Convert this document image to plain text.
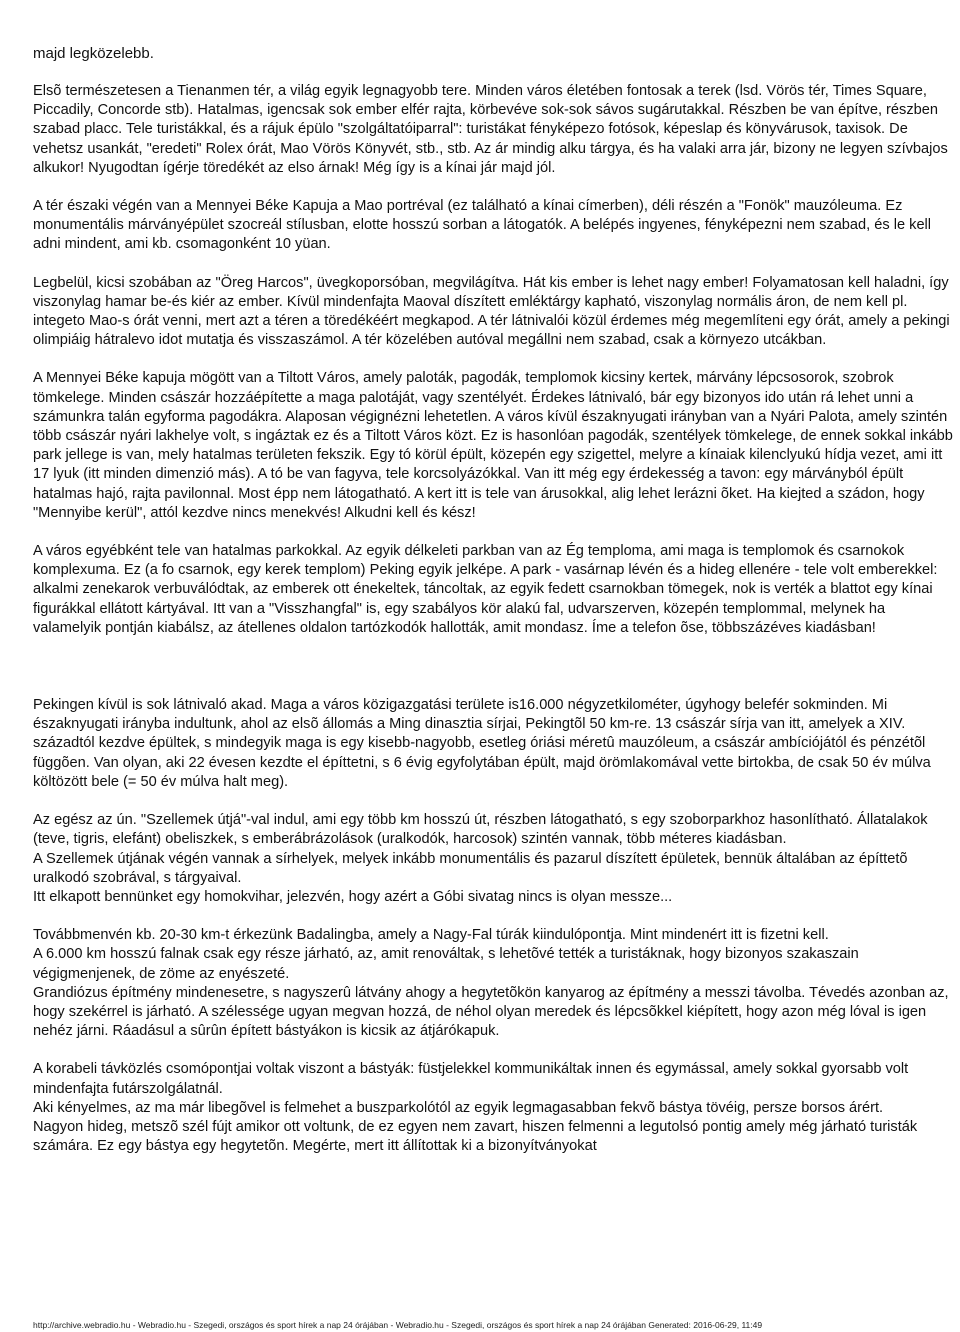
majd legközelebb.

Elsõ természetesen a Tienanmen tér, a világ egyik legnagyobb tere. Minden város életében fontosak a terek (lsd. Vörös tér, Times Square, Piccadily, Concorde stb). Hatalmas, igencsak sok ember elfér rajta, körbevéve sok-sok sávos sugárutakkal. Részben be van építve, részben szabad placc. Tele turistákkal, és a rájuk épülo "szolgáltatóiparral": turistákat fényképezo fotósok, képeslap és könyvárusok, taxisok. De vehetsz usankát, "eredeti" Rolex órát, Mao Vörös Könyvét, stb., stb. Az ár mindig alku tárgya, és ha valaki arra jár, bizony ne legyen szívbajos alkukor! Nyugodtan ígérje töredékét az elso árnak! Még így is a kínai jár majd jól.

A tér északi végén van a Mennyei Béke Kapuja a Mao portréval (ez található a kínai címerben), déli részén a "Fonök" mauzóleuma. Ez monumentális márványépület szocreál stílusban, elotte hosszú sorban a látogatók. A belépés ingyenes, fényképezni nem szabad, és le kell adni mindent, ami kb. csomagonként 10 yüan.

Legbelül, kicsi szobában az "Öreg Harcos", üvegkoporsóban, megvilágítva. Hát kis ember is lehet nagy ember! Folyamatosan kell haladni, így viszonylag hamar be-és kiér az ember. Kívül mindenfajta Maoval díszített emléktárgy kapható, viszonylag normális áron, de nem kell pl. integeto Mao-s órát venni, mert azt a téren a töredékéért megkapod. A tér látnivalói közül érdemes még megemlíteni egy órát, amely a pekingi olimpiáig hátralevo idot mutatja és visszaszámol. A tér közelében autóval megállni nem szabad, csak a környezo utcákban.

A Mennyei Béke kapuja mögött van a Tiltott Város, amely paloták, pagodák, templomok kicsiny kertek, márvány lépcsosorok, szobrok tömkelege. Minden császár hozzáépítette a maga palotáját, vagy szentélyét. Érdekes látnivaló, bár egy bizonyos ido után rá lehet unni a számunkra talán egyforma pagodákra. Alaposan végignézni lehetetlen. A város kívül északnyugati irányban van a Nyári Palota, amely szintén több császár nyári lakhelye volt, s ingáztak ez és a Tiltott Város közt. Ez is hasonlóan pagodák, szentélyek tömkelege, de ennek sokkal inkább park jellege is van, mely hatalmas területen fekszik. Egy tó körül épült, közepén egy szigettel, melyre a kínaiak kilenclyukú hídja vezet, ami itt 17 lyuk (itt minden dimenzió más). A tó be van fagyva, tele korcsolyázókkal. Van itt még egy érdekesség a tavon: egy márványból épült hatalmas hajó, rajta pavilonnal. Most épp nem látogatható. A kert itt is tele van árusokkal, alig lehet lerázni õket. Ha kiejted a szádon, hogy "Mennyibe kerül", attól kezdve nincs menekvés! Alkudni kell és kész!

A város egyébként tele van hatalmas parkokkal. Az egyik délkeleti parkban van az Ég temploma, ami maga is templomok és csarnokok komplexuma. Ez (a fo csarnok, egy kerek templom) Peking egyik jelképe. A park - vasárnap lévén és a hideg ellenére - tele volt emberekkel: alkalmi zenekarok verbuválódtak, az emberek ott énekeltek, táncoltak, az egyik fedett csarnokban tömegek, nok is verték a blattot egy kínai figurákkal ellátott kártyával. Itt van a "Visszhangfal" is, egy szabályos kör alakú fal, udvarszerven, közepén templommal, melynek ha valamelyik pontján kiabálsz, az átellenes oldalon tartózkodók hallották, amit mondasz. Íme a telefon õse, többszázéves kiadásban!

Pekingen kívül is sok látnivaló akad. Maga a város közigazgatási területe is16.000 négyzetkilométer, úgyhogy belefér sokminden. Mi északnyugati irányba indultunk, ahol az elsõ állomás a Ming dinasztia sírjai, Pekingtõl 50 km-re. 13 császár sírja van itt, amelyek a XIV. századtól kezdve épültek, s mindegyik maga is egy kisebb-nagyobb, esetleg óriási méretû mauzóleum, a császár ambíciójától és pénzétõl függõen. Van olyan, aki 22 évesen kezdte el építtetni, s 6 évig egyfolytában épült, majd örömlakomával vette birtokba, de csak 50 év múlva költözött bele (= 50 év múlva halt meg).

Az egész az ún. "Szellemek útjá"-val indul, ami egy több km hosszú út, részben látogatható, s egy szoborparkhoz hasonlítható. Állatalakok (teve, tigris, elefánt) obeliszkek, s emberábrázolások (uralkodók, harcosok) szintén vannak, több méteres kiadásban.

A Szellemek útjának végén vannak a sírhelyek, melyek inkább monumentális és pazarul díszített épületek, bennük általában az építtetõ uralkodó szobrával, s tárgyaival.

Itt elkapott bennünket egy homokvihar, jelezvén, hogy azért a Góbi sivatag nincs is olyan messze...

Továbbmenvén kb. 20-30 km-t érkezünk Badalingba, amely a Nagy-Fal túrák kiindulópontja. Mint mindenért itt is fizetni kell.

A 6.000 km hosszú falnak csak egy része járható, az, amit renováltak, s lehetõvé tették a turistáknak, hogy bizonyos szakaszain végigmenjenek, de zöme az enyészeté.

Grandiózus építmény mindenesetre, s nagyszerû látvány ahogy a hegytetõkön kanyarog az építmény a messzi távolba. Tévedés azonban az, hogy szekérrel is járható. A szélessége ugyan megvan hozzá, de néhol olyan meredek és lépcsõkkel kiépített, hogy azon még lóval is igen nehéz járni. Ráadásul a sûrûn épített bástyákon is kicsik az átjárókapuk.

A korabeli távközlés csomópontjai voltak viszont a bástyák: füstjelekkel kommunikáltak innen és egymással, amely sokkal gyorsabb volt mindenfajta futárszolgálatnál.

Aki kényelmes, az ma már libegõvel is felmehet a buszparkolótól az egyik legmagasabban fekvõ bástya tövéig, persze borsos árért.

Nagyon hideg, metszõ szél fújt amikor ott voltunk, de ez egyen nem zavart, hiszen felmenni a legutolsó pontig amely még járható turisták számára. Ez egy bástya egy hegytetõn. Megérte, mert itt állítottak ki a bizonyítványokat

http://archive.webradio.hu - Webradio.hu - Szegedi, országos és sport hírek a nap 24 órájában - Webradio.hu - Szegedi, országos és sport hírek a nap 24 órájában Generated: 2016-06-29, 11:49
